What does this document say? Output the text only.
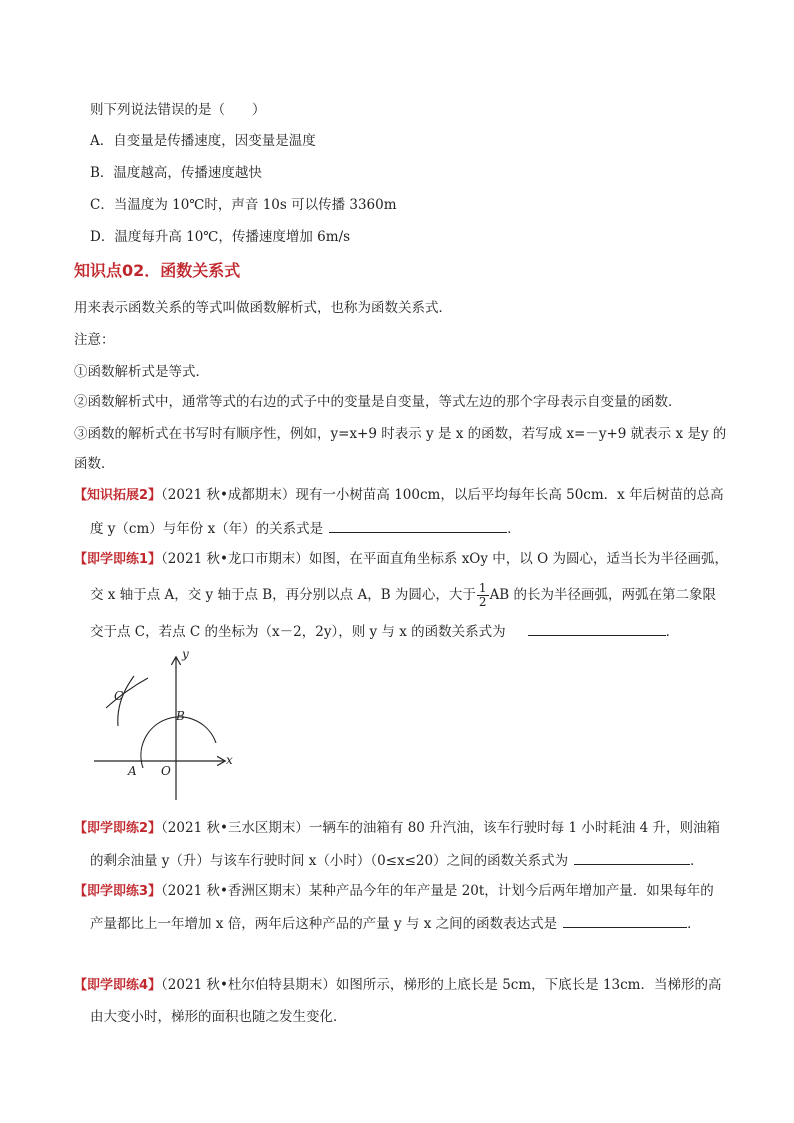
则下列说法错误的是（　　）
A．自变量是传播速度，因变量是温度
B．温度越高，传播速度越快
C．当温度为 10℃时，声音 10s 可以传播 3360m
D．温度每升高 10℃，传播速度增加 6m/s
知识点02．函数关系式
用来表示函数关系的等式叫做函数解析式，也称为函数关系式．
注意：
①函数解析式是等式．
②函数解析式中，通常等式的右边的式子中的变量是自变量，等式左边的那个字母表示自变量的函数．
③函数的解析式在书写时有顺序性，例如，y=x+9 时表示 y 是 x 的函数，若写成 x=－y+9 就表示 x 是y 的
函数．
【知识拓展2】（2021 秋•成都期末）现有一小树苗高 100cm，以后平均每年长高 50cm．x 年后树苗的总高
度 y（cm）与年份 x（年）的关系式是	．
【即学即练1】（2021 秋•龙口市期末）如图，在平面直角坐标系 xOy 中，以 O 为圆心，适当长为半径画弧，
交 x 轴于点 A，交 y 轴于点 B，再分别以点 A，B 为圆心，大于 $\frac{1}{2}$ AB 的长为半径画弧，两弧在第二象限
交于点 C，若点 C 的坐标为（x－2，2y），则 y 与 x 的函数关系式为	．
y
x
O
A
B
C
【即学即练2】（2021 秋•三水区期末）一辆车的油箱有 80 升汽油，该车行驶时每 1 小时耗油 4 升，则油箱
的剩余油量 y（升）与该车行驶时间 x（小时）（0≤x≤20）之间的函数关系式为	．
【即学即练3】（2021 秋•香洲区期末）某种产品今年的年产量是 20t，计划今后两年增加产量．如果每年的
产量都比上一年增加 x 倍，两年后这种产品的产量 y 与 x 之间的函数表达式是	．
【即学即练4】（2021 秋•杜尔伯特县期末）如图所示，梯形的上底长是 5cm，下底长是 13cm．当梯形的高
由大变小时，梯形的面积也随之发生变化．
